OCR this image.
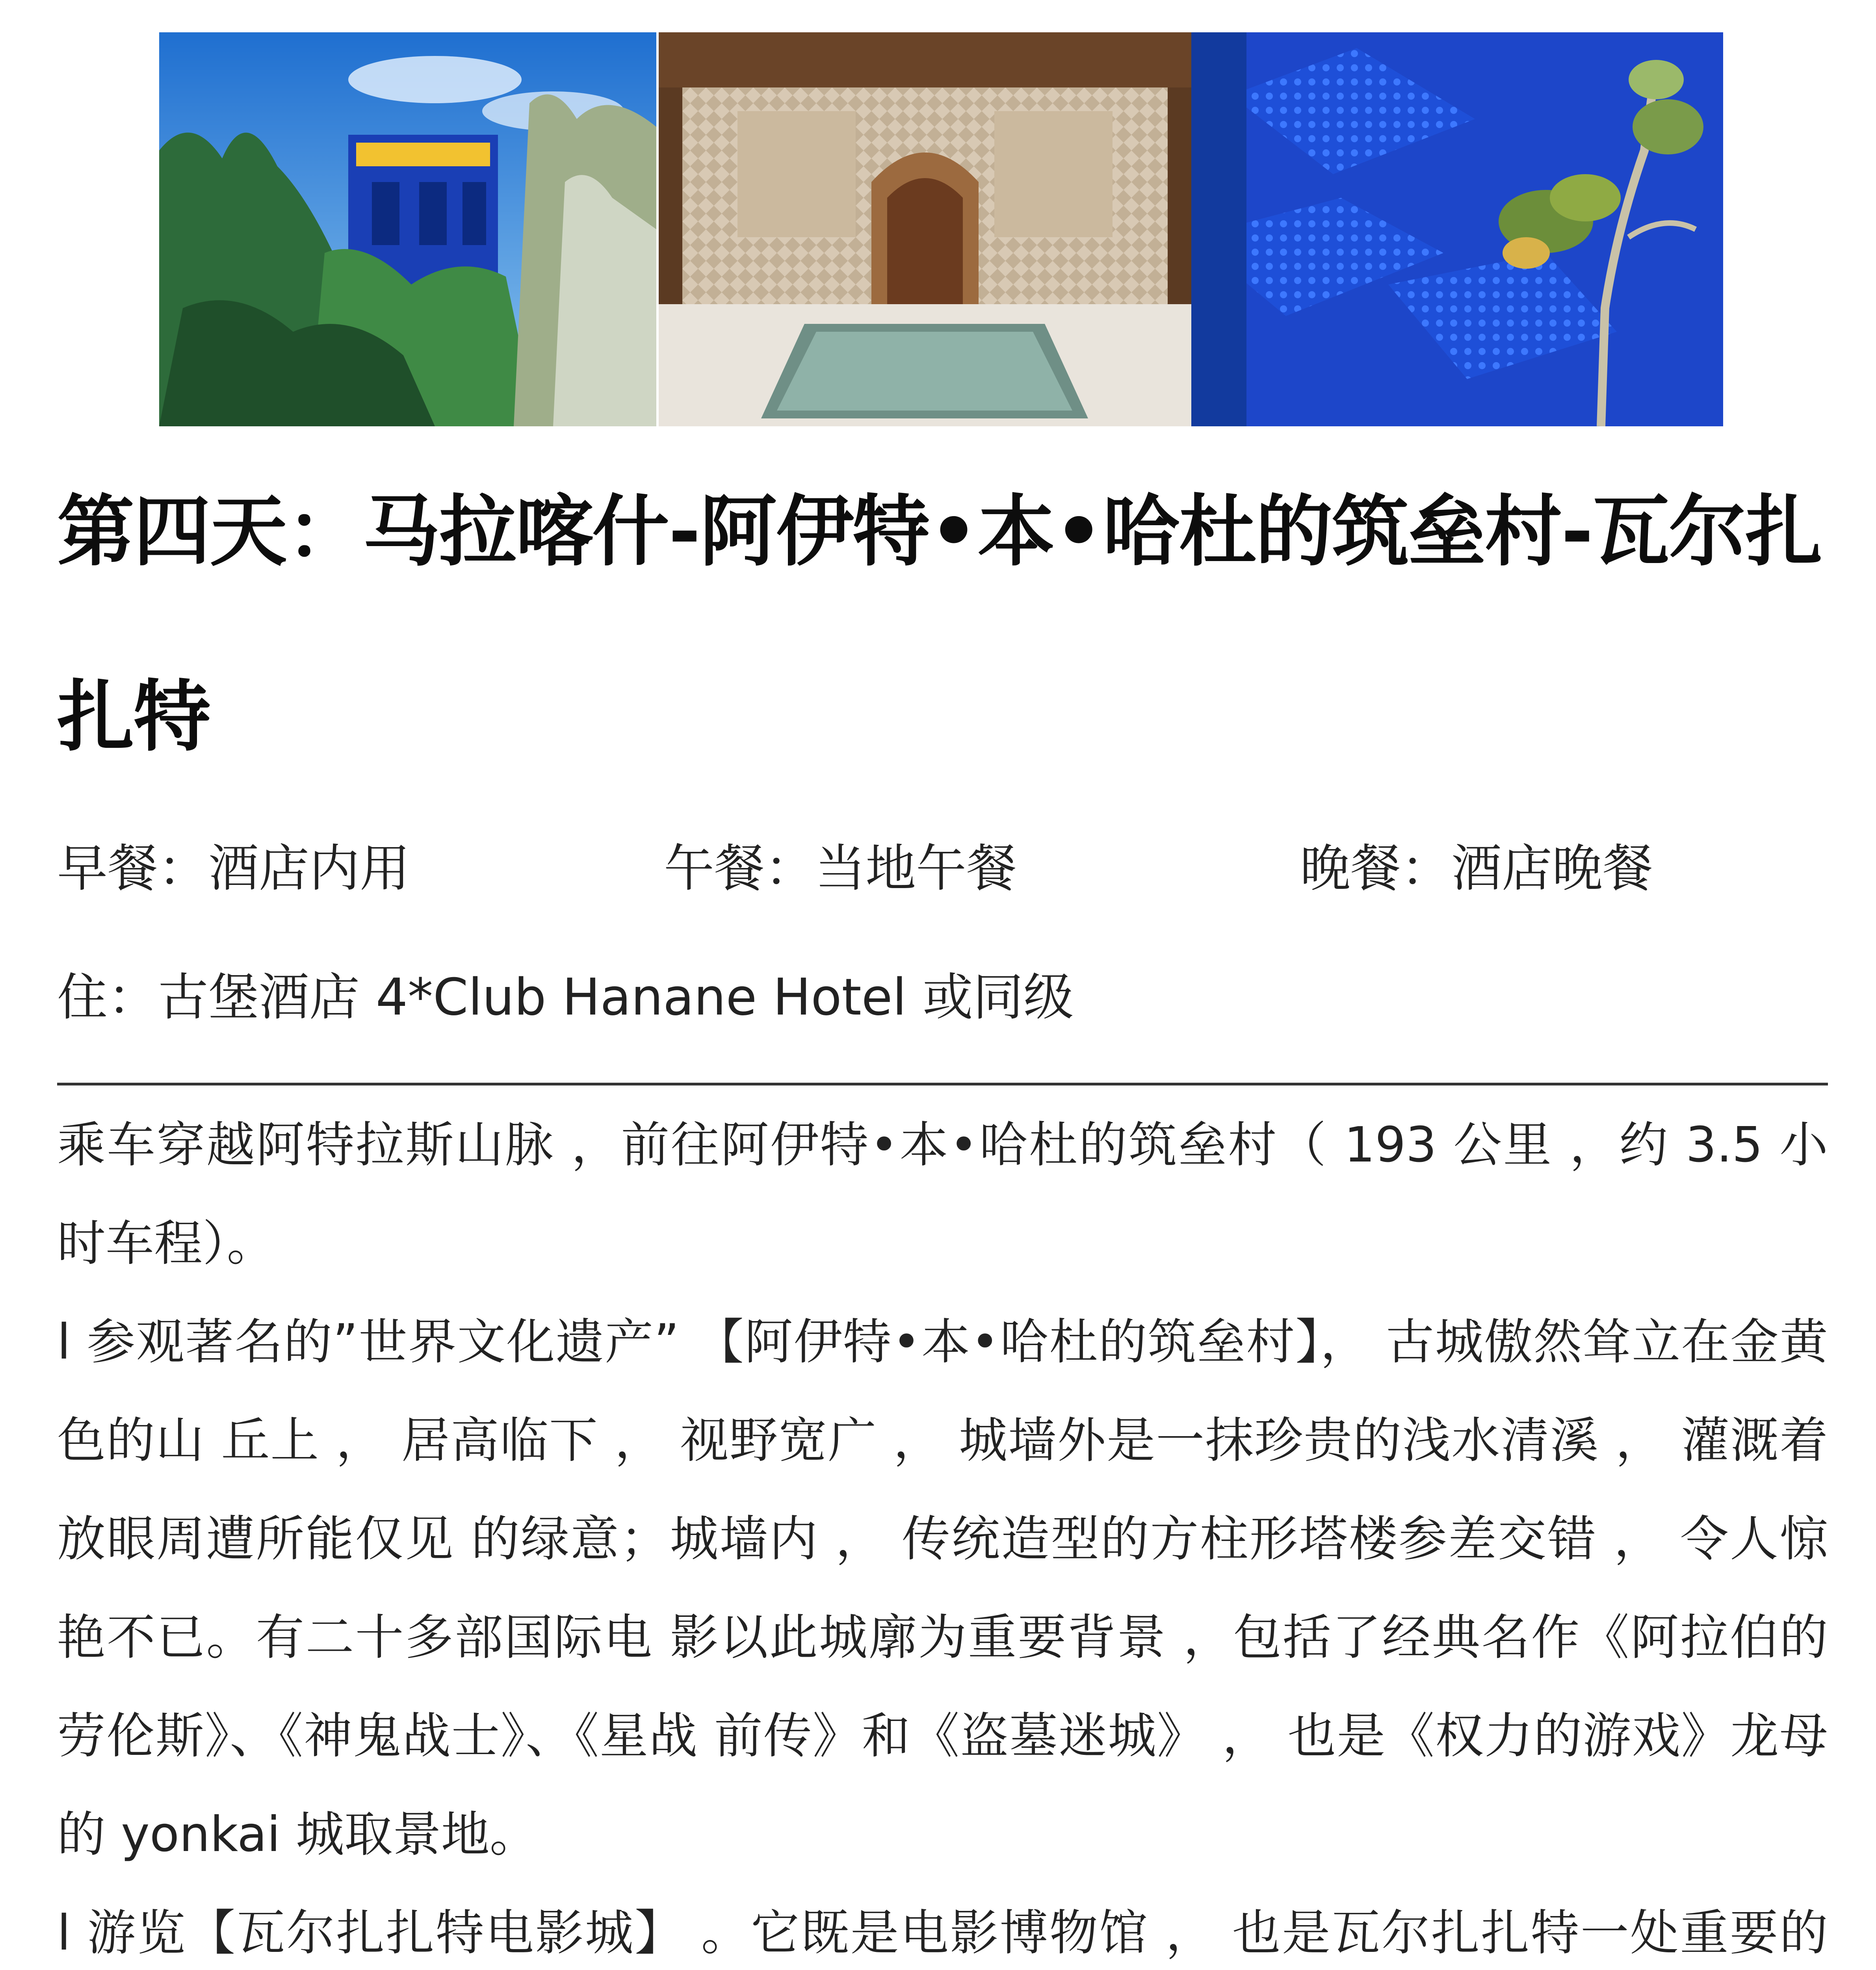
第四天：马拉喀什-阿伊特•本•哈杜的筑垒村-瓦尔扎扎特
早餐：酒店内用	午餐：当地午餐	晚餐：酒店晚餐
住：古堡酒店 4*Club Hanane Hotel 或同级

乘车穿越阿特拉斯山脉 ，前往阿伊特•本•哈杜的筑垒村（ 193 公里 ，约 3.5 小时车程）。

l 参观著名的”世界文化遗产” 【阿伊特•本•哈杜的筑垒村】， 古城傲然耸立在金黄色的山 丘上 ， 居高临下 ， 视野宽广 ， 城墙外是一抹珍贵的浅水清溪 ， 灌溉着放眼周遭所能仅见 的绿意；城墙内 ， 传统造型的方柱形塔楼参差交错 ， 令人惊艳不已。有二十多部国际电 影以此城廓为重要背景 ，包括了经典名作《阿拉伯的劳伦斯》、《神鬼战士》、《星战 前传》和《盗墓迷城》 ， 也是《权力的游戏》龙母的 yonkai 城取景地。

l 游览【瓦尔扎扎特电影城】 。它既是电影博物馆 ， 也是瓦尔扎扎特一处重要的
